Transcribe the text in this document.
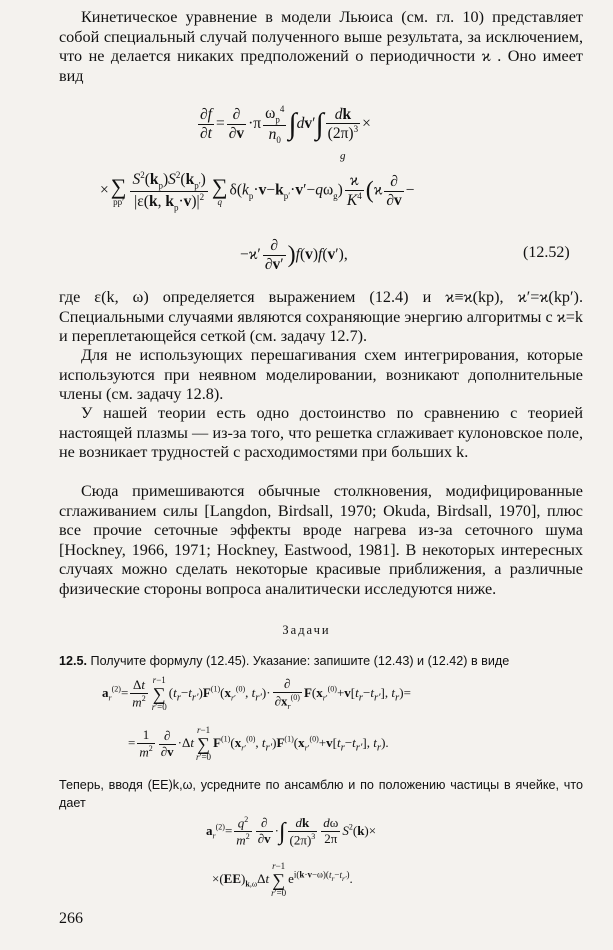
Кинетическое уравнение в модели Льюиса (см. гл. 10) представляет собой специальный случай полученного выше результата, за исключением, что не делается никаких предположений о периодичности ϰ . Оно имеет вид

$\frac{\partial f}{\partial t} = \frac{\partial}{\partial v} \cdot\pi \frac{\omega_p^4}{n_0} \int dv'\int \frac{dk}{(2\pi)^3}$ ×
g
× ∑
$pp' \frac{S^2(k_p)S^2(k_{p'})}{|\varepsilon(k, k_p\cdot v)|^2}$ ∑
q
$\delta(k_p\cdot v-k_{p'}\cdot v'-q\omega_g) \frac{ϰ}{K^4} (ϰ \frac{\partial}{\partial v}$ −
$-ϰ' \frac{\partial}{\partial v'} )f(v)f(v')$,	(12.52)

где ε(k, ω) определяется выражением (12.4) и ϰ≡ϰ(kp), ϰ′=ϰ(kp′). Специальными случаями являются сохраняющие энергию алгоритмы с ϰ=k и переплетающейся сеткой (см. задачу 12.7).

Для не использующих перешагивания схем интегрирования, которые используются при неявном моделировании, возникают дополнительные члены (см. задачу 12.8).

У нашей теории есть одно достоинство по сравнению с теорией настоящей плазмы — из-за того, что решетка сглаживает кулоновское поле, не возникает трудностей с расходимостями при больших k.

Сюда примешиваются обычные столкновения, модифицированные сглаживанием силы [Langdon, Birdsall, 1970; Okuda, Birdsall, 1970], плюс все прочие сеточные эффекты вроде нагрева из-за сеточного шума [Hockney, 1966, 1971; Hockney, Eastwood, 1981]. В некоторых интересных случаях можно сделать некоторые красивые приближения, а различные физические стороны вопроса аналитически исследуются ниже.

Задачи

12.5. Получите формулу (12.45). Указание: запишите (12.43) и (12.42) в виде

$a_r^{(2)}= \frac{\Delta t}{m^2} r-1$
∑
r′=0
$(t_r-t_{r'})F^{(1)}(x_{r'}^{(0)}$, $t_{r'})\cdot \frac{\partial}{\partial x_r^{(0)}} F(x_{r'}^{(0)}+v[t_r-t_{r'}]$, $t_r)=$
= $\frac{1}{m^2} \frac{\partial}{\partial v} \cdot\Delta t$
r−1
∑
r′=0
$F^{(1)}(x_{r'}^{(0)}$, $t_{r'})F^{(1)}(x_{r'}^{(0)}+v[t_r-t_{r'}]$, $t_r$).

Теперь, вводя (EE)k,ω, усредните по ансамблю и по положению частицы в ячейке, что дает

$a_r^{(2)}= \frac{q^2}{m^2} \frac{\partial}{\partial v}$ ·∫ $\frac{dk}{(2\pi)^3} \frac{d\omega}{2\pi} S^2(k)\times$
$\times(EE)_{k,\omega}\Delta t$
r−1
∑
r′=0
$e^{i(k\cdot v-\omega)(t_r-t_{r'})}$.
266
